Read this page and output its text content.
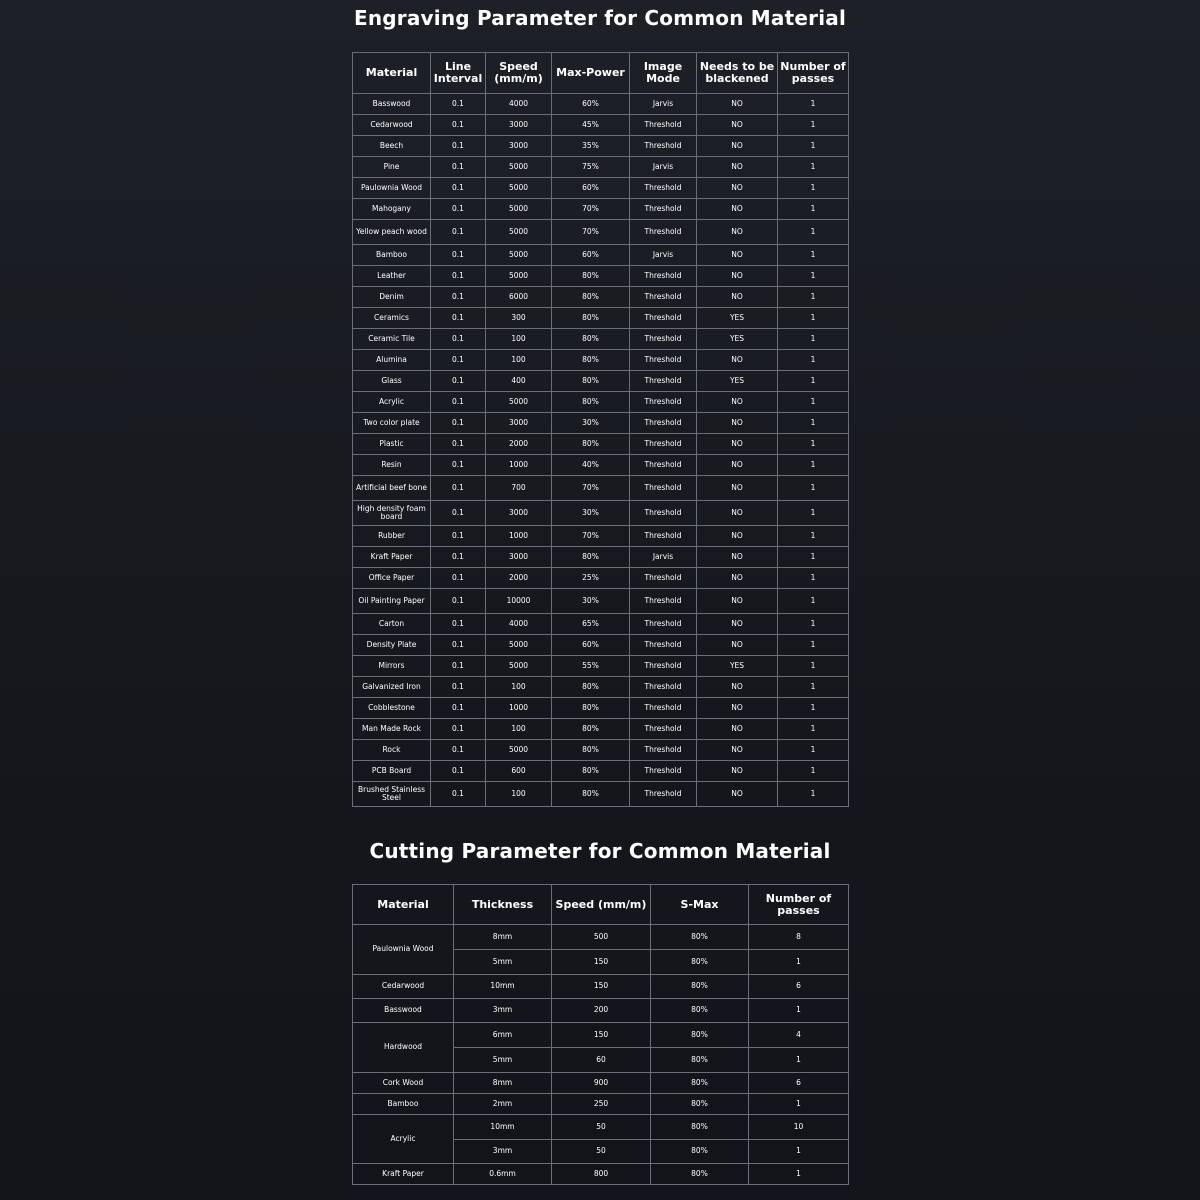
Engraving Parameter for Common Material
Material	Line Interval	Speed (mm/m)	Max-Power	Image Mode	Needs to be blackened	Number of passes
Basswood	0.1	4000	60%	Jarvis	NO	1
Cedarwood	0.1	3000	45%	Threshold	NO	1
Beech	0.1	3000	35%	Threshold	NO	1
Pine	0.1	5000	75%	Jarvis	NO	1
Paulownia Wood	0.1	5000	60%	Threshold	NO	1
Mahogany	0.1	5000	70%	Threshold	NO	1
Yellow peach wood	0.1	5000	70%	Threshold	NO	1
Bamboo	0.1	5000	60%	Jarvis	NO	1
Leather	0.1	5000	80%	Threshold	NO	1
Denim	0.1	6000	80%	Threshold	NO	1
Ceramics	0.1	300	80%	Threshold	YES	1
Ceramic Tile	0.1	100	80%	Threshold	YES	1
Alumina	0.1	100	80%	Threshold	NO	1
Glass	0.1	400	80%	Threshold	YES	1
Acrylic	0.1	5000	80%	Threshold	NO	1
Two color plate	0.1	3000	30%	Threshold	NO	1
Plastic	0.1	2000	80%	Threshold	NO	1
Resin	0.1	1000	40%	Threshold	NO	1
Artificial beef bone	0.1	700	70%	Threshold	NO	1
High density foam board	0.1	3000	30%	Threshold	NO	1
Rubber	0.1	1000	70%	Threshold	NO	1
Kraft Paper	0.1	3000	80%	Jarvis	NO	1
Office Paper	0.1	2000	25%	Threshold	NO	1
Oil Painting Paper	0.1	10000	30%	Threshold	NO	1
Carton	0.1	4000	65%	Threshold	NO	1
Density Plate	0.1	5000	60%	Threshold	NO	1
Mirrors	0.1	5000	55%	Threshold	YES	1
Galvanized Iron	0.1	100	80%	Threshold	NO	1
Cobblestone	0.1	1000	80%	Threshold	NO	1
Man Made Rock	0.1	100	80%	Threshold	NO	1
Rock	0.1	5000	80%	Threshold	NO	1
PCB Board	0.1	600	80%	Threshold	NO	1
Brushed Stainless Steel	0.1	100	80%	Threshold	NO	1
Cutting Parameter for Common Material
Material	Thickness	Speed (mm/m)	S-Max	Number of passes
Paulownia Wood	8mm	500	80%	8
	5mm	150	80%	1
Cedarwood	10mm	150	80%	6
Basswood	3mm	200	80%	1
Hardwood	6mm	150	80%	4
	5mm	60	80%	1
Cork Wood	8mm	900	80%	6
Bamboo	2mm	250	80%	1
Acrylic	10mm	50	80%	10
	3mm	50	80%	1
Kraft Paper	0.6mm	800	80%	1
